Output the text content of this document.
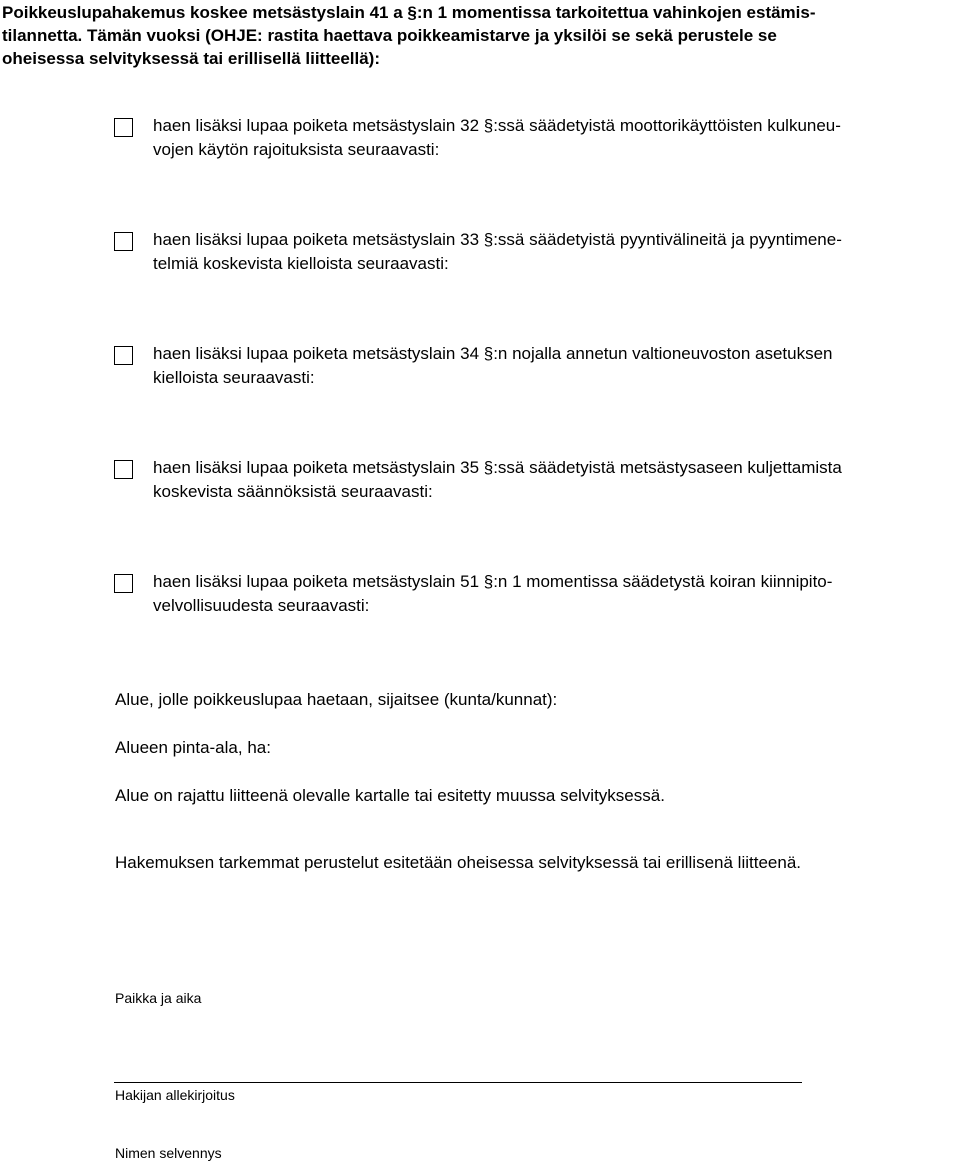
Poikkeuslupahakemus koskee metsästyslain 41 a §:n 1 momentissa tarkoitettua vahinkojen estämis-

tilannetta. Tämän vuoksi (OHJE: rastita haettava poikkeamistarve ja yksilöi se sekä perustele se

oheisessa selvityksessä tai erillisellä liitteellä):

haen lisäksi lupaa poiketa metsästyslain 32 §:ssä säädetyistä moottorikäyttöisten kulkuneu-
vojen käytön rajoituksista seuraavasti:
haen lisäksi lupaa poiketa metsästyslain 33 §:ssä säädetyistä pyyntivälineitä ja pyyntimene-
telmiä koskevista kielloista seuraavasti:
haen lisäksi lupaa poiketa metsästyslain 34 §:n nojalla annetun valtioneuvoston asetuksen
kielloista seuraavasti:
haen lisäksi lupaa poiketa metsästyslain 35 §:ssä säädetyistä metsästysaseen kuljettamista
koskevista säännöksistä seuraavasti:
haen lisäksi lupaa poiketa metsästyslain 51 §:n 1 momentissa säädetystä koiran kiinnipito-
velvollisuudesta seuraavasti:

Alue, jolle poikkeuslupaa haetaan, sijaitsee (kunta/kunnat):

Alueen pinta-ala, ha:

Alue on rajattu liitteenä olevalle kartalle tai esitetty muussa selvityksessä.

Hakemuksen tarkemmat perustelut esitetään oheisessa selvityksessä tai erillisenä liitteenä.

Paikka ja aika

Hakijan allekirjoitus

Nimen selvennys
